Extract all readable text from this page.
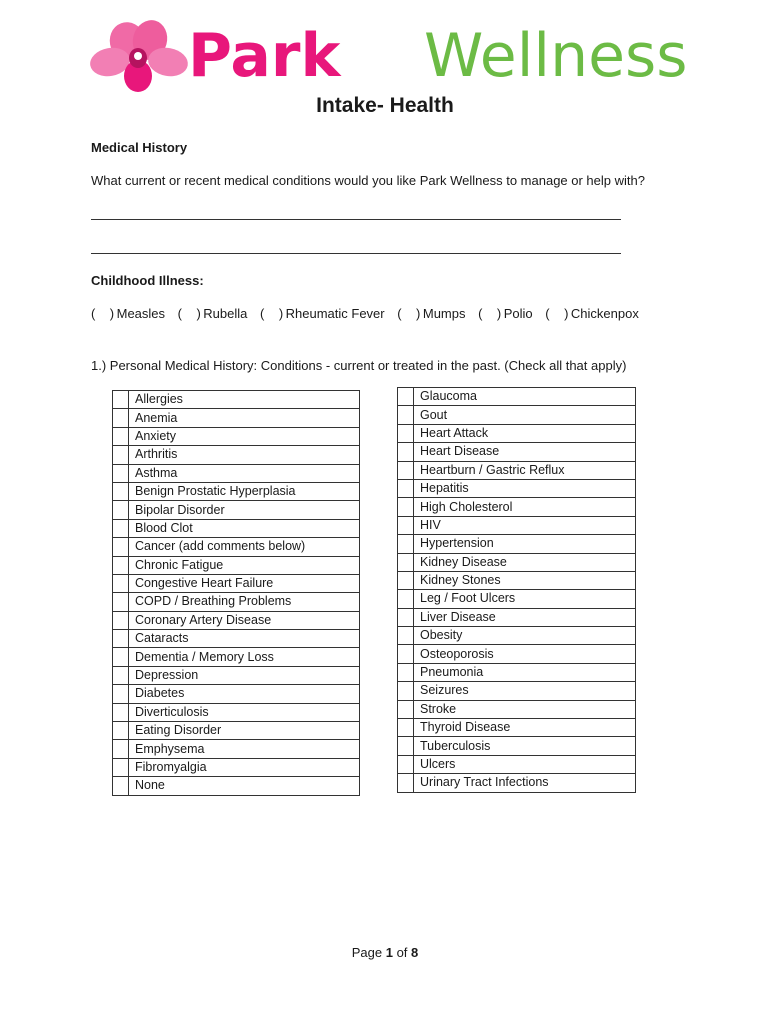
Park Wellness
Intake- Health
Medical History
What current or recent medical conditions would you like Park Wellness to manage or help with?
Childhood Illness:
( ) Measles ( ) Rubella ( ) Rheumatic Fever ( ) Mumps ( ) Polio ( ) Chickenpox
1.) Personal Medical History: Conditions - current or treated in the past. (Check all that apply)
	Allergies
	Anemia
	Anxiety
	Arthritis
	Asthma
	Benign Prostatic Hyperplasia
	Bipolar Disorder
	Blood Clot
	Cancer (add comments below)
	Chronic Fatigue
	Congestive Heart Failure
	COPD / Breathing Problems
	Coronary Artery Disease
	Cataracts
	Dementia / Memory Loss
	Depression
	Diabetes
	Diverticulosis
	Eating Disorder
	Emphysema
	Fibromyalgia
	None
	Glaucoma
	Gout
	Heart Attack
	Heart Disease
	Heartburn / Gastric Reflux
	Hepatitis
	High Cholesterol
	HIV
	Hypertension
	Kidney Disease
	Kidney Stones
	Leg / Foot Ulcers
	Liver Disease
	Obesity
	Osteoporosis
	Pneumonia
	Seizures
	Stroke
	Thyroid Disease
	Tuberculosis
	Ulcers
	Urinary Tract Infections
Page 1 of 8
